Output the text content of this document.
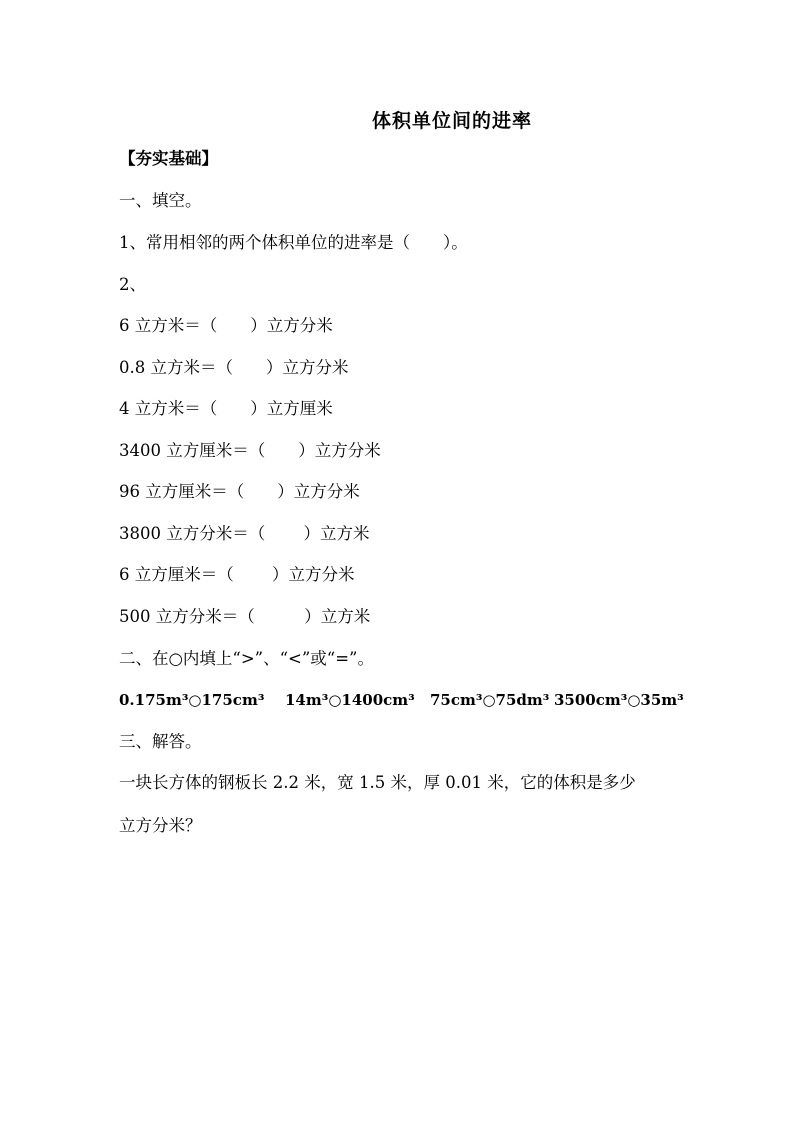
体积单位间的进率
【夯实基础】
一、填空。
1、常用相邻的两个体积单位的进率是（　　）。
2、
6 立方米＝（　　）立方分米
0.8 立方米＝（　　）立方分米
4 立方米＝（　　）立方厘米
3400 立方厘米＝（　　）立方分米
96 立方厘米＝（　　）立方分米
3800 立方分米＝（　　 ）立方米
6 立方厘米＝（　　 ）立方分米
500 立方分米＝（　　　）立方米
二、在○内填上“>”、“<”或“=”。
0.175m³○175cm³ 14m³○1400cm³ 75cm³○75dm³ 3500cm³○35m³
三、解答。
一块长方体的钢板长 2.2 米，宽 1.5 米，厚 0.01 米，它的体积是多少
立方分米？
